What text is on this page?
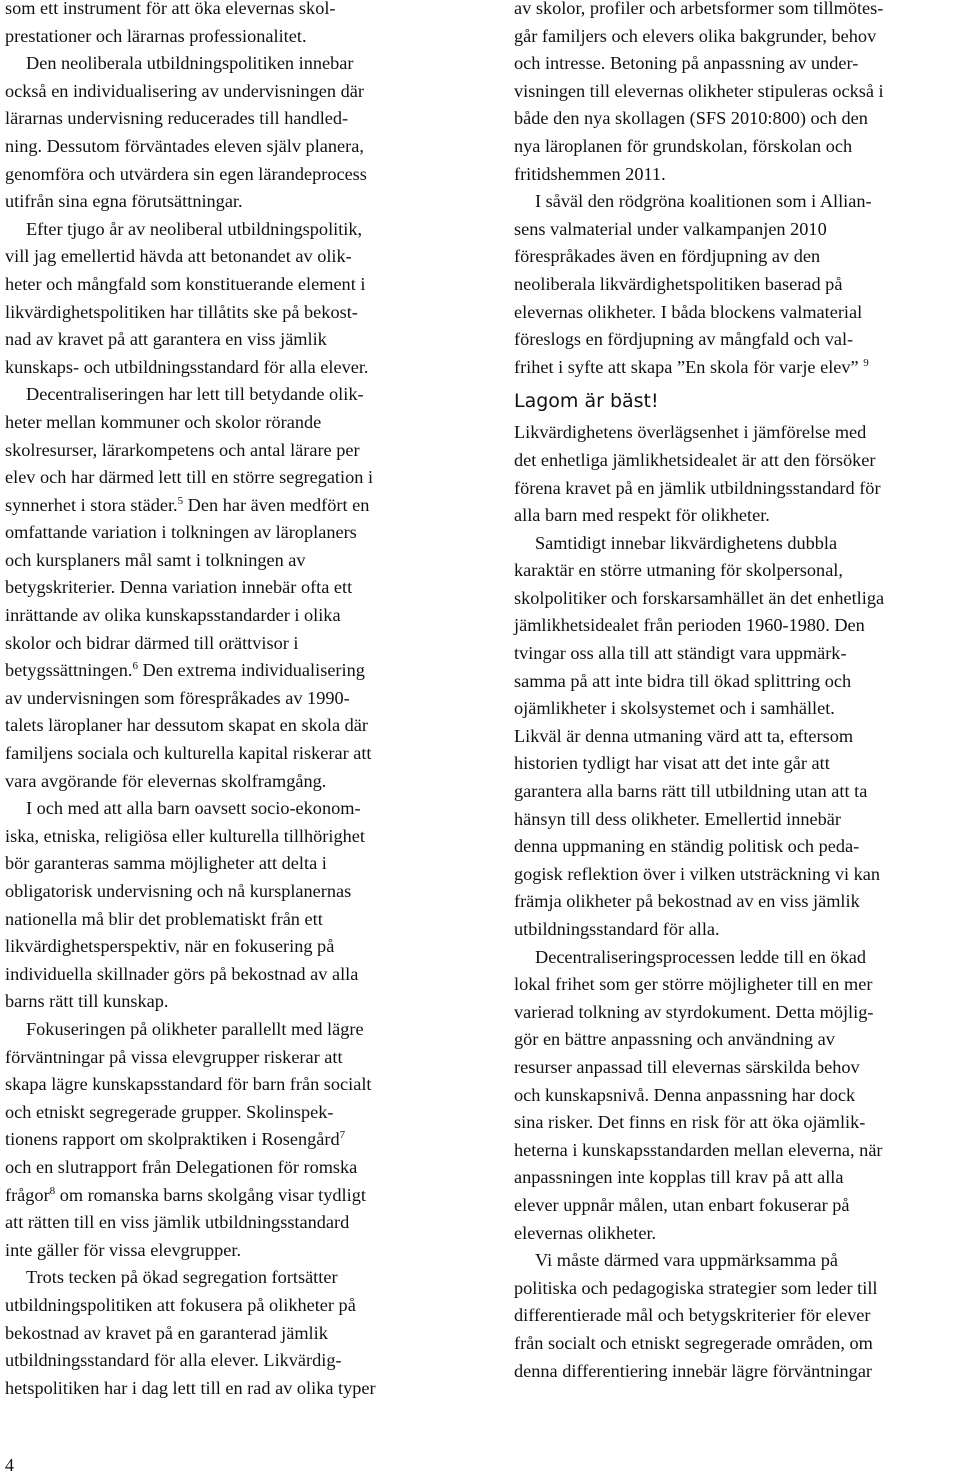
som ett instrument för att öka elevernas skol-
prestationer och lärarnas professionalitet.
Den neoliberala utbildningspolitiken innebar
också en individualisering av undervisningen där
lärarnas undervisning reducerades till handled-
ning. Dessutom förväntades eleven själv planera,
genomföra och utvärdera sin egen lärandeprocess
utifrån sina egna förutsättningar.
Efter tjugo år av neoliberal utbildningspolitik,
vill jag emellertid hävda att betonandet av olik-
heter och mångfald som konstituerande element i
likvärdighetspolitiken har tillåtits ske på bekost-
nad av kravet på att garantera en viss jämlik
kunskaps- och utbildningsstandard för alla elever.
Decentraliseringen har lett till betydande olik-
heter mellan kommuner och skolor rörande
skolresurser, lärarkompetens och antal lärare per
elev och har därmed lett till en större segregation i
synnerhet i stora städer.$^5$ Den har även medfört en
omfattande variation i tolkningen av läroplaners
och kursplaners mål samt i tolkningen av
betygskriterier. Denna variation innebär ofta ett
inrättande av olika kunskapsstandarder i olika
skolor och bidrar därmed till orättvisor i
betygssättningen.$^6$ Den extrema individualisering
av undervisningen som förespråkades av 1990-
talets läroplaner har dessutom skapat en skola där
familjens sociala och kulturella kapital riskerar att
vara avgörande för elevernas skolframgång.
I och med att alla barn oavsett socio-ekonom-
iska, etniska, religiösa eller kulturella tillhörighet
bör garanteras samma möjligheter att delta i
obligatorisk undervisning och nå kursplanernas
nationella må blir det problematiskt från ett
likvärdighetsperspektiv, när en fokusering på
individuella skillnader görs på bekostnad av alla
barns rätt till kunskap.
Fokuseringen på olikheter parallellt med lägre
förväntningar på vissa elevgrupper riskerar att
skapa lägre kunskapsstandard för barn från socialt
och etniskt segregerade grupper. Skolinspek-
tionens rapport om skolpraktiken i Rosengård$^7$
och en slutrapport från Delegationen för romska
frågor$^8$ om romanska barns skolgång visar tydligt
att rätten till en viss jämlik utbildningsstandard
inte gäller för vissa elevgrupper.
Trots tecken på ökad segregation fortsätter
utbildningspolitiken att fokusera på olikheter på
bekostnad av kravet på en garanterad jämlik
utbildningsstandard för alla elever. Likvärdig-
hetspolitiken har i dag lett till en rad av olika typer
av skolor, profiler och arbetsformer som tillmötes-
går familjers och elevers olika bakgrunder, behov
och intresse. Betoning på anpassning av under-
visningen till elevernas olikheter stipuleras också i
både den nya skollagen (SFS 2010:800) och den
nya läroplanen för grundskolan, förskolan och
fritidshemmen 2011.
I såväl den rödgröna koalitionen som i Allian-
sens valmaterial under valkampanjen 2010
förespråkades även en fördjupning av den
neoliberala likvärdighetspolitiken baserad på
elevernas olikheter. I båda blockens valmaterial
föreslogs en fördjupning av mångfald och val-
frihet i syfte att skapa ”En skola för varje elev” $^9$
Lagom är bäst!
Likvärdighetens överlägsenhet i jämförelse med
det enhetliga jämlikhetsidealet är att den försöker
förena kravet på en jämlik utbildningsstandard för
alla barn med respekt för olikheter.
Samtidigt innebar likvärdighetens dubbla
karaktär en större utmaning för skolpersonal,
skolpolitiker och forskarsamhället än det enhetliga
jämlikhetsidealet från perioden 1960-1980. Den
tvingar oss alla till att ständigt vara uppmärk-
samma på att inte bidra till ökad splittring och
ojämlikheter i skolsystemet och i samhället.
Likväl är denna utmaning värd att ta, eftersom
historien tydligt har visat att det inte går att
garantera alla barns rätt till utbildning utan att ta
hänsyn till dess olikheter. Emellertid innebär
denna uppmaning en ständig politisk och peda-
gogisk reflektion över i vilken utsträckning vi kan
främja olikheter på bekostnad av en viss jämlik
utbildningsstandard för alla.
Decentraliseringsprocessen ledde till en ökad
lokal frihet som ger större möjligheter till en mer
varierad tolkning av styrdokument. Detta möjlig-
gör en bättre anpassning och användning av
resurser anpassad till elevernas särskilda behov
och kunskapsnivå. Denna anpassning har dock
sina risker. Det finns en risk för att öka ojämlik-
heterna i kunskapsstandarden mellan eleverna, när
anpassningen inte kopplas till krav på att alla
elever uppnår målen, utan enbart fokuserar på
elevernas olikheter.
Vi måste därmed vara uppmärksamma på
politiska och pedagogiska strategier som leder till
differentierade mål och betygskriterier för elever
från socialt och etniskt segregerade områden, om
denna differentiering innebär lägre förväntningar
4
